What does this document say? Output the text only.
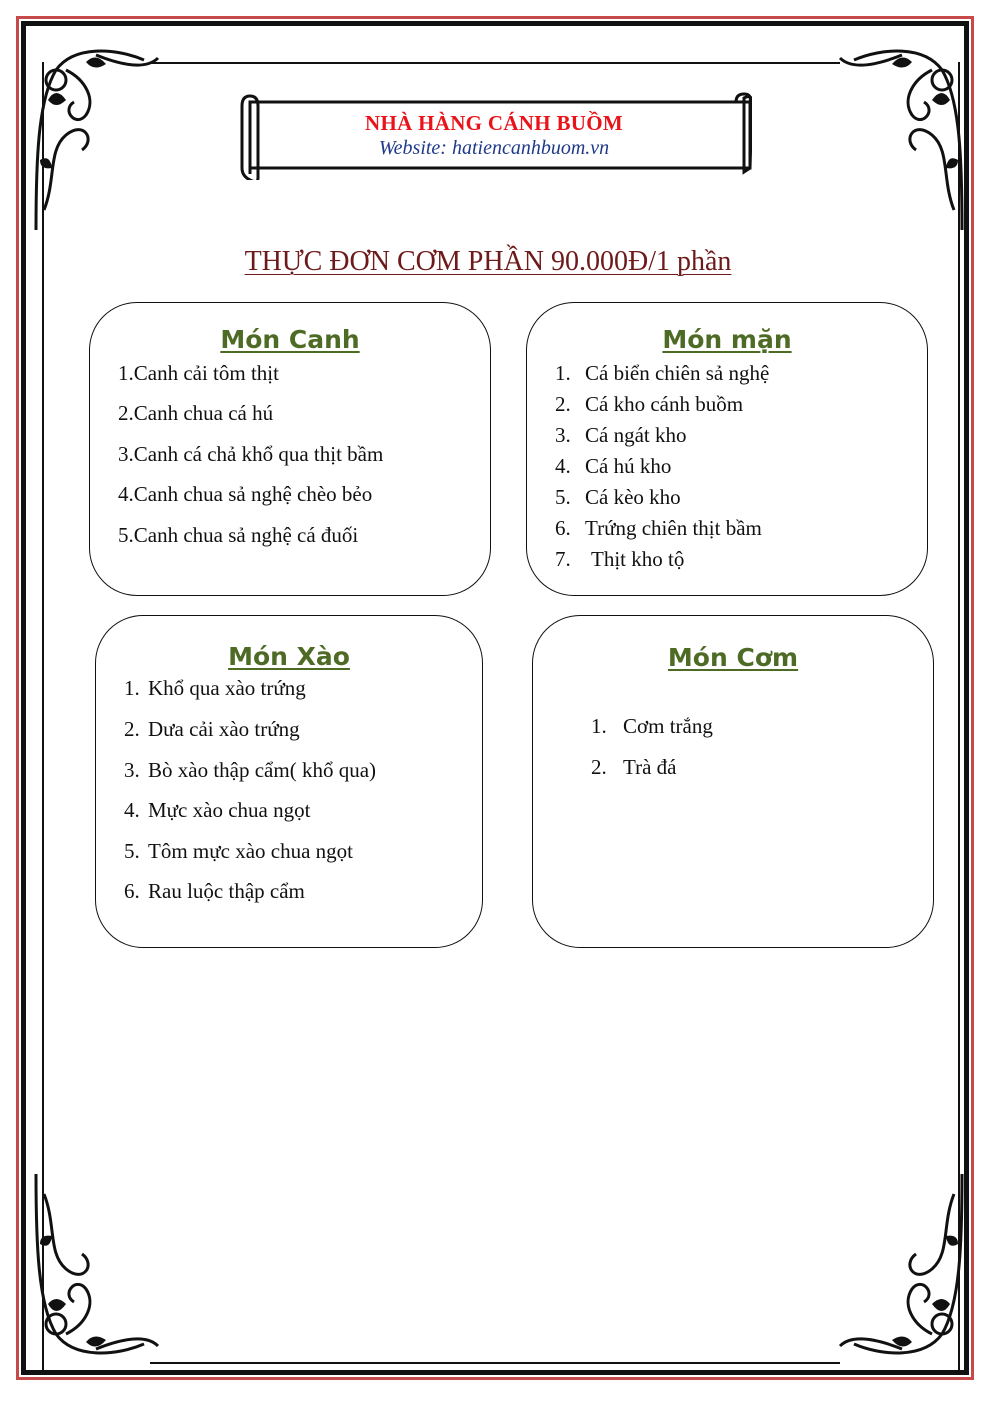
NHÀ HÀNG CÁNH BUỒM
Website: hatiencanhbuom.vn
THỰC ĐƠN CƠM PHẦN 90.000Đ/1 phần
Món Canh
1.Canh cải tôm thịt
2.Canh chua cá hú
3.Canh cá chả khổ qua thịt bầm
4.Canh chua sả nghệ chèo bẻo
5.Canh chua sả nghệ cá đuối
Món mặn
1. Cá biển chiên sả nghệ
2. Cá kho cánh buồm
3. Cá ngát kho
4. Cá hú kho
5. Cá kèo kho
6. Trứng chiên thịt bầm
7. Thịt kho tộ
Món Xào
1. Khổ qua xào trứng
2. Dưa cải xào trứng
3. Bò xào thập cẩm( khổ qua)
4. Mực xào chua ngọt
5. Tôm mực xào chua ngọt
6. Rau luộc thập cẩm
Món Cơm
1. Cơm trắng
2. Trà đá
